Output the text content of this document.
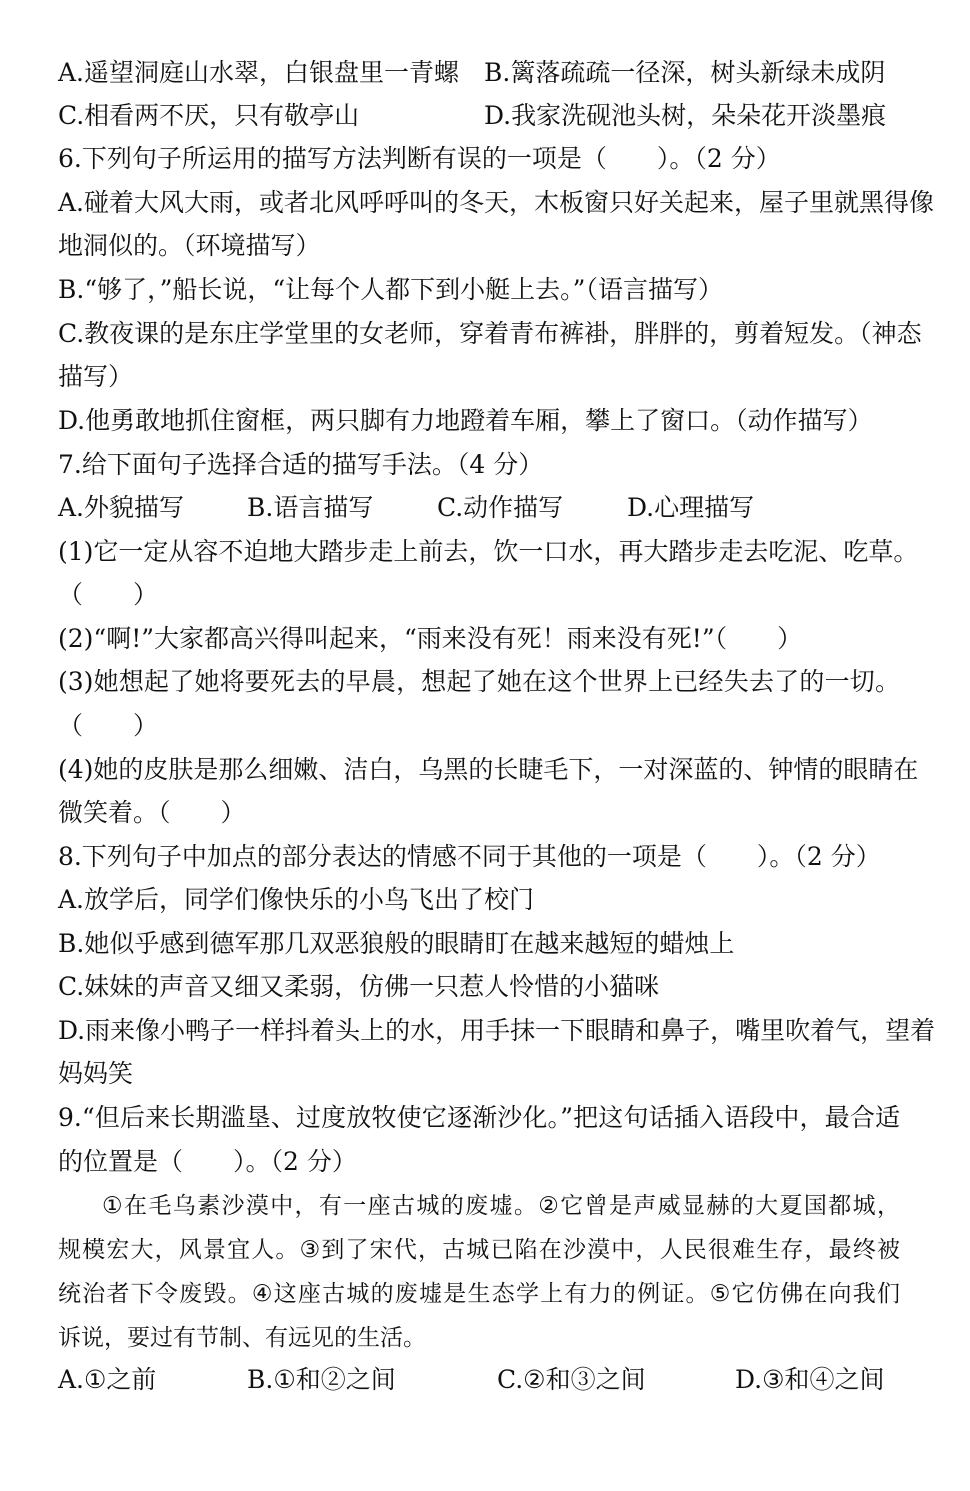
A.遥望洞庭山水翠，白银盘里一青螺 B.篱落疏疏一径深，树头新绿未成阴
C.相看两不厌，只有敬亭山	D.我家洗砚池头树，朵朵花开淡墨痕
6.下列句子所运用的描写方法判断有误的一项是（　　）。（2 分）
A.碰着大风大雨，或者北风呼呼叫的冬天，木板窗只好关起来，屋子里就黑得像
地洞似的。（环境描写）
B.“够了，”船长说，“让每个人都下到小艇上去。”（语言描写）
C.教夜课的是东庄学堂里的女老师，穿着青布裤褂，胖胖的，剪着短发。（神态
描写）
D.他勇敢地抓住窗框，两只脚有力地蹬着车厢，攀上了窗口。（动作描写）
7.给下面句子选择合适的描写手法。（4 分）
A.外貌描写	B.语言描写	C.动作描写	D.心理描写
(1)它一定从容不迫地大踏步走上前去，饮一口水，再大踏步走去吃泥、吃草。
（　　）
(2)“啊!”大家都高兴得叫起来，“雨来没有死！雨来没有死!”（　　）
(3)她想起了她将要死去的早晨，想起了她在这个世界上已经失去了的一切。
（　　）
(4)她的皮肤是那么细嫩、洁白，乌黑的长睫毛下，一对深蓝的、钟情的眼睛在
微笑着。（　　）
8.下列句子中加点的部分表达的情感不同于其他的一项是（　　）。（2 分）
A.放学后，同学们像快乐的小鸟飞出了校门
B.她似乎感到德军那几双恶狼般的眼睛盯在越来越短的蜡烛上
C.妹妹的声音又细又柔弱，仿佛一只惹人怜惜的小猫咪
D.雨来像小鸭子一样抖着头上的水，用手抹一下眼睛和鼻子，嘴里吹着气，望着
妈妈笑
9.“但后来长期滥垦、过度放牧使它逐渐沙化。”把这句话插入语段中，最合适
的位置是（　　）。（2 分）
①在毛乌素沙漠中，有一座古城的废墟。②它曾是声威显赫的大夏国都城，
规模宏大，风景宜人。③到了宋代，古城已陷在沙漠中，人民很难生存，最终被
统治者下令废毁。④这座古城的废墟是生态学上有力的例证。⑤它仿佛在向我们
诉说，要过有节制、有远见的生活。
A.①之前	B.①和②之间	C.②和③之间	D.③和④之间
